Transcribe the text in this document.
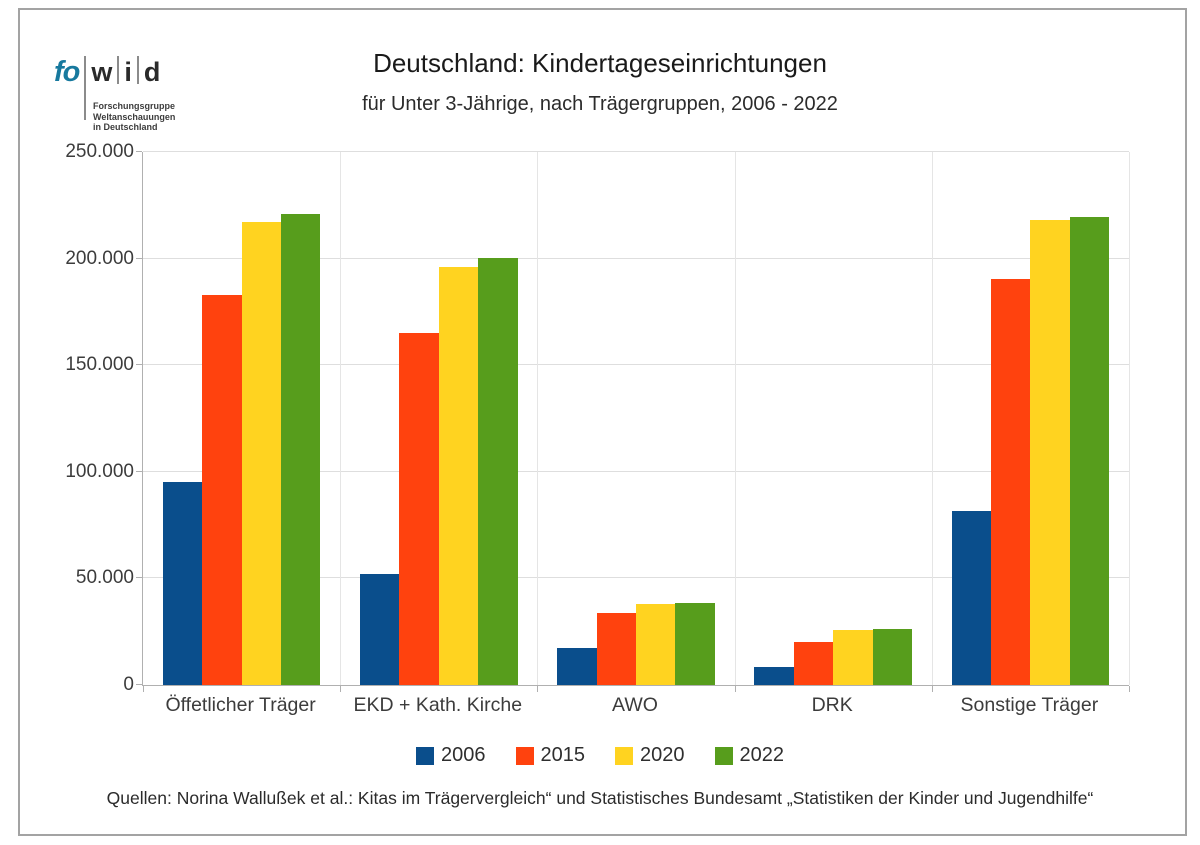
fo w i d
Forschungsgruppe
Weltanschauungen
in Deutschland
Deutschland: Kindertageseinrichtungen
für Unter 3-Jährige, nach Trägergruppen, 2006 - 2022
0
50.000
100.000
150.000
200.000
250.000
Öffetlicher Träger	EKD + Kath. Kirche	AWO	DRK	Sonstige Träger
2006	2015	2020	2022
Quellen: Norina Wallußek et al.: Kitas im Trägervergleich“ und Statistisches Bundesamt „Statistiken der Kinder und Jugendhilfe“
